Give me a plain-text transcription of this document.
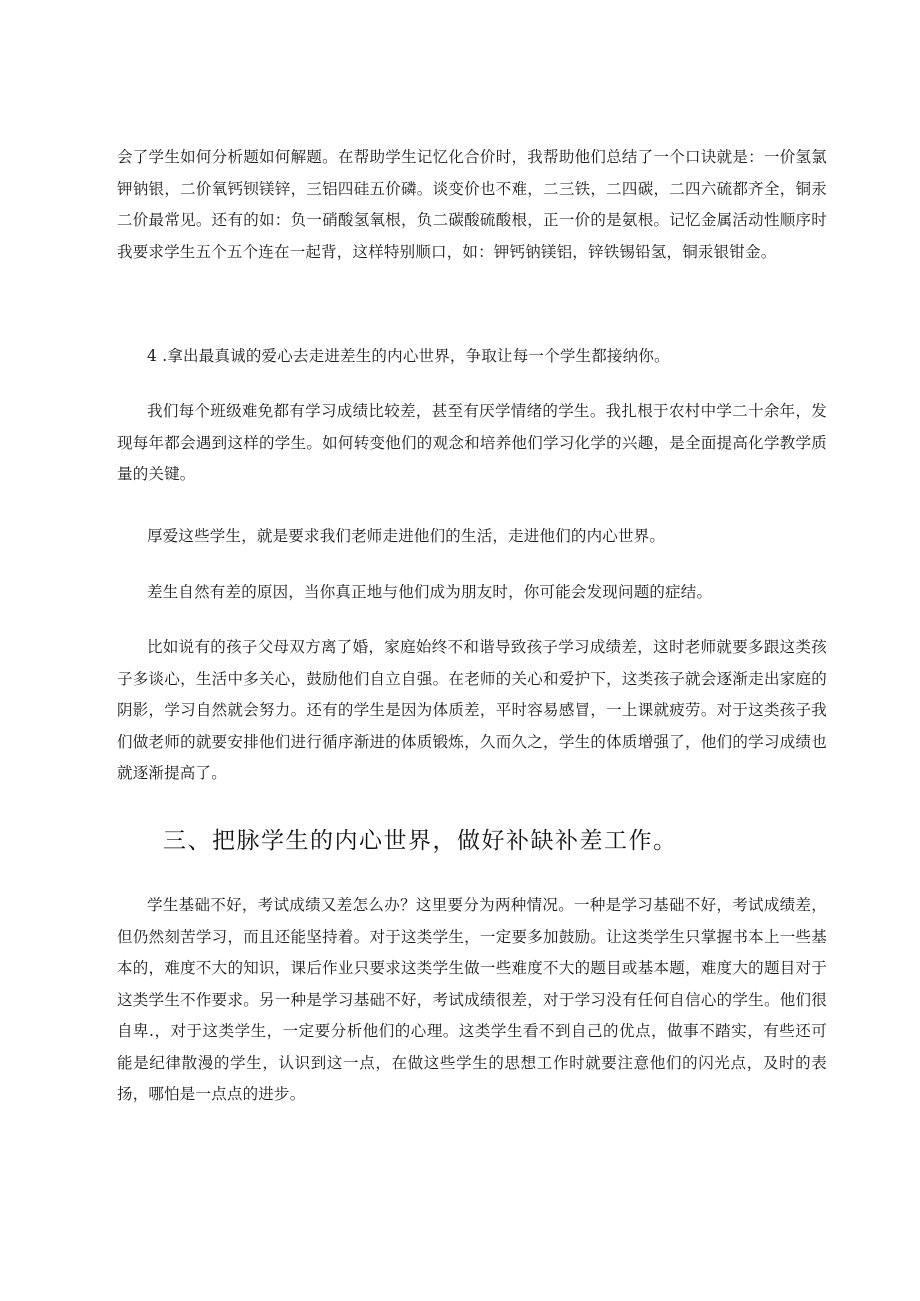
会了学生如何分析题如何解题。在帮助学生记忆化合价时，我帮助他们总结了一个口诀就是：一价氢氯钾钠银，二价氧钙钡镁锌，三铝四硅五价磷。谈变价也不难，二三铁，二四碳，二四六硫都齐全，铜汞二价最常见。还有的如：负一硝酸氢氧根，负二碳酸硫酸根，正一价的是氨根。记忆金属活动性顺序时我要求学生五个五个连在一起背，这样特别顺口，如：钾钙钠镁铝，锌铁锡铅氢，铜汞银钳金。

4 .拿出最真诚的爱心去走进差生的内心世界，争取让每一个学生都接纳你。

我们每个班级难免都有学习成绩比较差，甚至有厌学情绪的学生。我扎根于农村中学二十余年，发现每年都会遇到这样的学生。如何转变他们的观念和培养他们学习化学的兴趣，是全面提高化学教学质量的关键。

厚爱这些学生，就是要求我们老师走进他们的生活，走进他们的内心世界。

差生自然有差的原因，当你真正地与他们成为朋友时，你可能会发现问题的症结。

比如说有的孩子父母双方离了婚，家庭始终不和谐导致孩子学习成绩差，这时老师就要多跟这类孩子多谈心，生活中多关心，鼓励他们自立自强。在老师的关心和爱护下，这类孩子就会逐渐走出家庭的阴影，学习自然就会努力。还有的学生是因为体质差，平时容易感冒，一上课就疲劳。对于这类孩子我们做老师的就要安排他们进行循序渐进的体质锻炼，久而久之，学生的体质增强了，他们的学习成绩也就逐渐提高了。

三、把脉学生的内心世界，做好补缺补差工作。

学生基础不好，考试成绩又差怎么办？这里要分为两种情况。一种是学习基础不好，考试成绩差，但仍然刻苦学习，而且还能坚持着。对于这类学生，一定要多加鼓励。让这类学生只掌握书本上一些基本的，难度不大的知识，课后作业只要求这类学生做一些难度不大的题目或基本题，难度大的题目对于这类学生不作要求。另一种是学习基础不好，考试成绩很差，对于学习没有任何自信心的学生。他们很自卑.，对于这类学生，一定要分析他们的心理。这类学生看不到自己的优点，做事不踏实，有些还可能是纪律散漫的学生，认识到这一点，在做这些学生的思想工作时就要注意他们的闪光点，及时的表扬，哪怕是一点点的进步。
